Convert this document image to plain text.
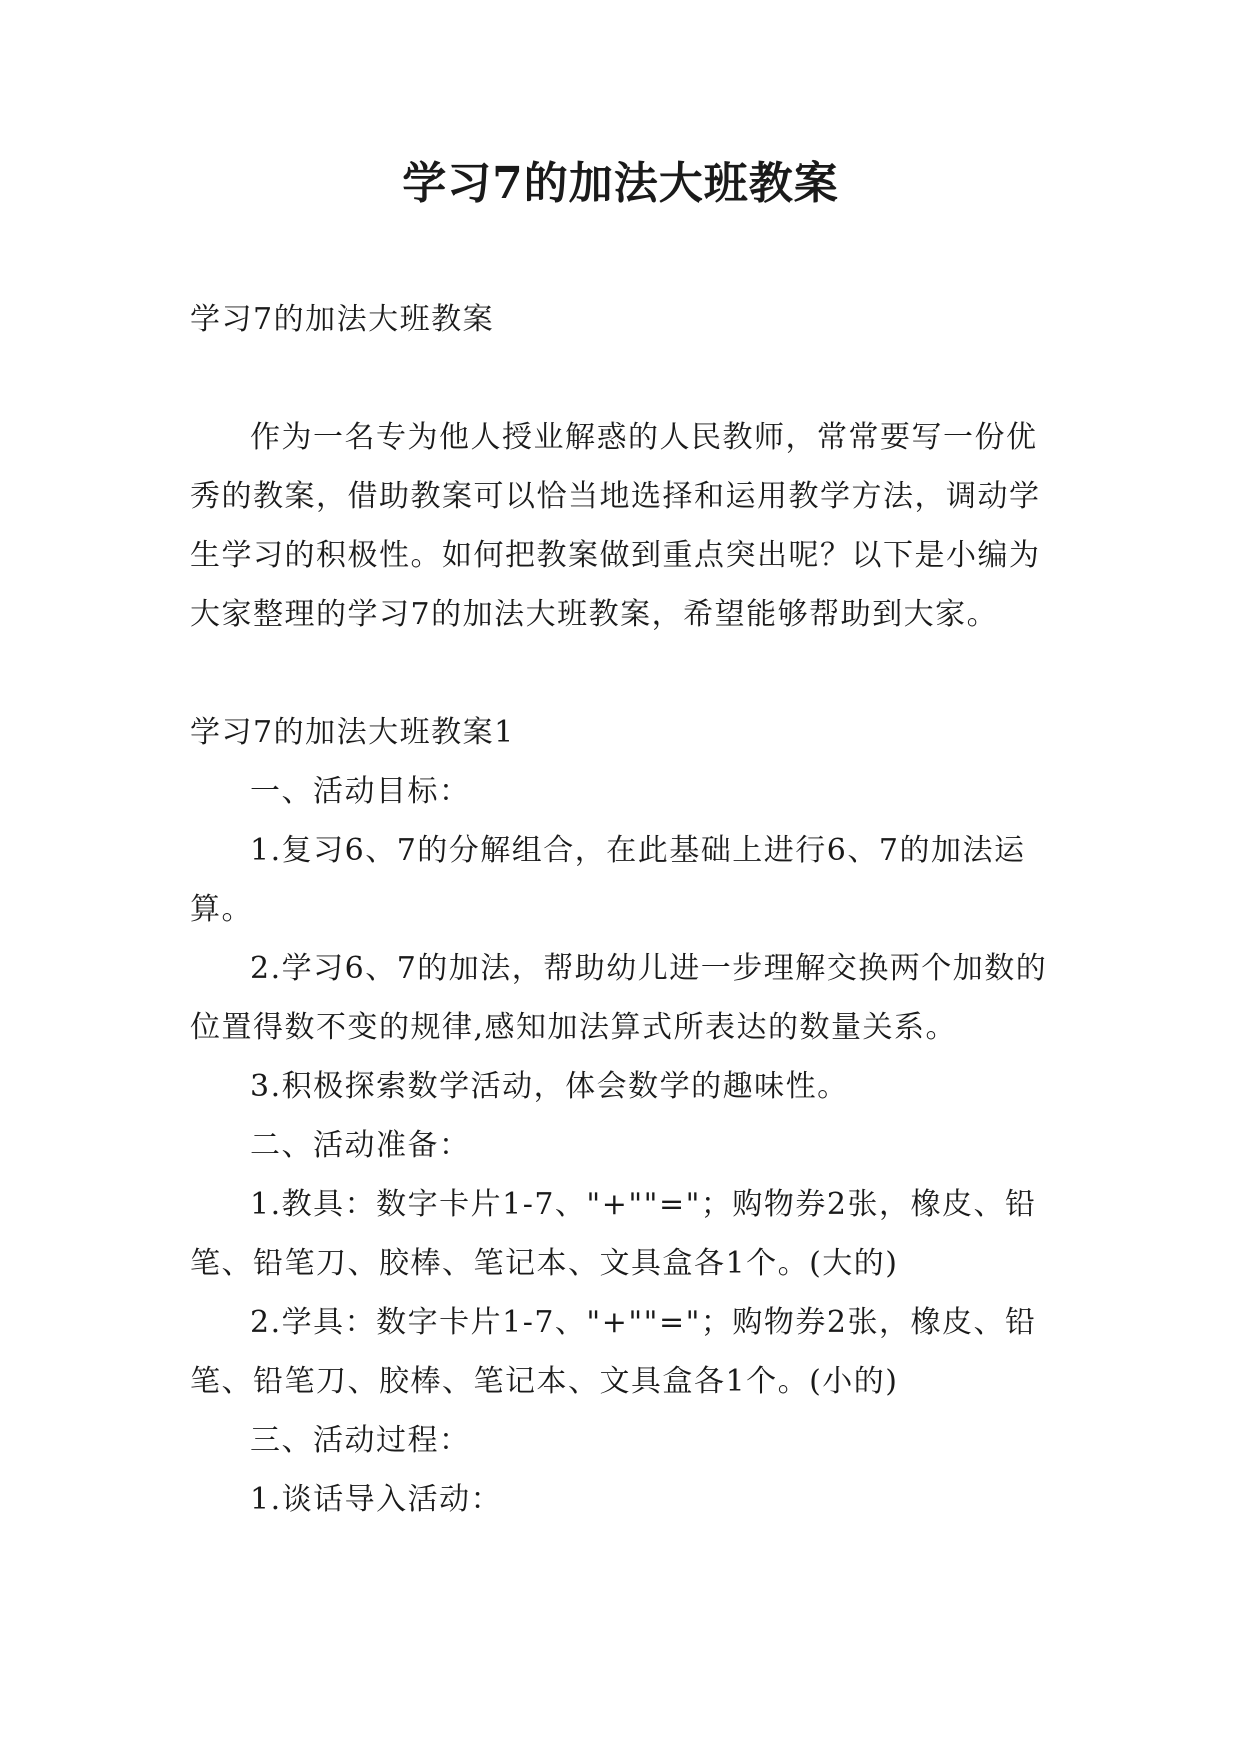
学习7的加法大班教案

学习7的加法大班教案

作为一名专为他人授业解惑的人民教师，常常要写一份优秀的教案，借助教案可以恰当地选择和运用教学方法，调动学生学习的积极性。如何把教案做到重点突出呢？以下是小编为大家整理的学习7的加法大班教案，希望能够帮助到大家。

学习7的加法大班教案1

一、活动目标：

1.复习6、7的分解组合，在此基础上进行6、7的加法运算。

2.学习6、7的加法，帮助幼儿进一步理解交换两个加数的位置得数不变的规律,感知加法算式所表达的数量关系。

3.积极探索数学活动，体会数学的趣味性。

二、活动准备：

1.教具：数字卡片1-7、"+""="；购物券2张，橡皮、铅笔、铅笔刀、胶棒、笔记本、文具盒各1个。(大的)

2.学具：数字卡片1-7、"+""="；购物券2张，橡皮、铅笔、铅笔刀、胶棒、笔记本、文具盒各1个。(小的)

三、活动过程：

1.谈话导入活动：
